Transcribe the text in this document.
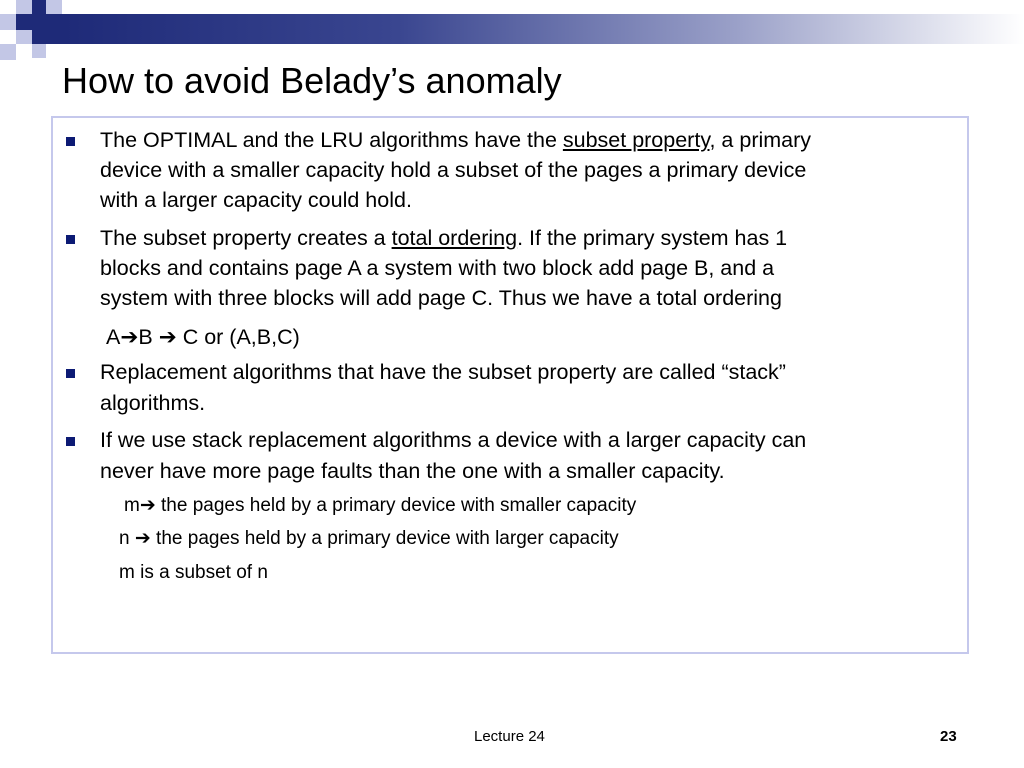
How to avoid Belady’s anomaly
The OPTIMAL and the LRU algorithms have the subset property, a primary
device with a smaller capacity hold a subset of the pages a primary device
with a larger capacity could hold.
The subset property creates a total ordering. If the primary system has 1
blocks and contains page A a system with two block add page B, and a
system with three blocks will add page C. Thus we have a total ordering
A➔B ➔ C or (A,B,C)
Replacement algorithms that have the subset property are called “stack”
algorithms.
If we use stack replacement algorithms a device with a larger capacity can
never have more page faults than the one with a smaller capacity.
m➔ the pages held by a primary device with smaller capacity
n ➔ the pages held by a primary device with larger capacity
m is a subset of n
Lecture 24	23
